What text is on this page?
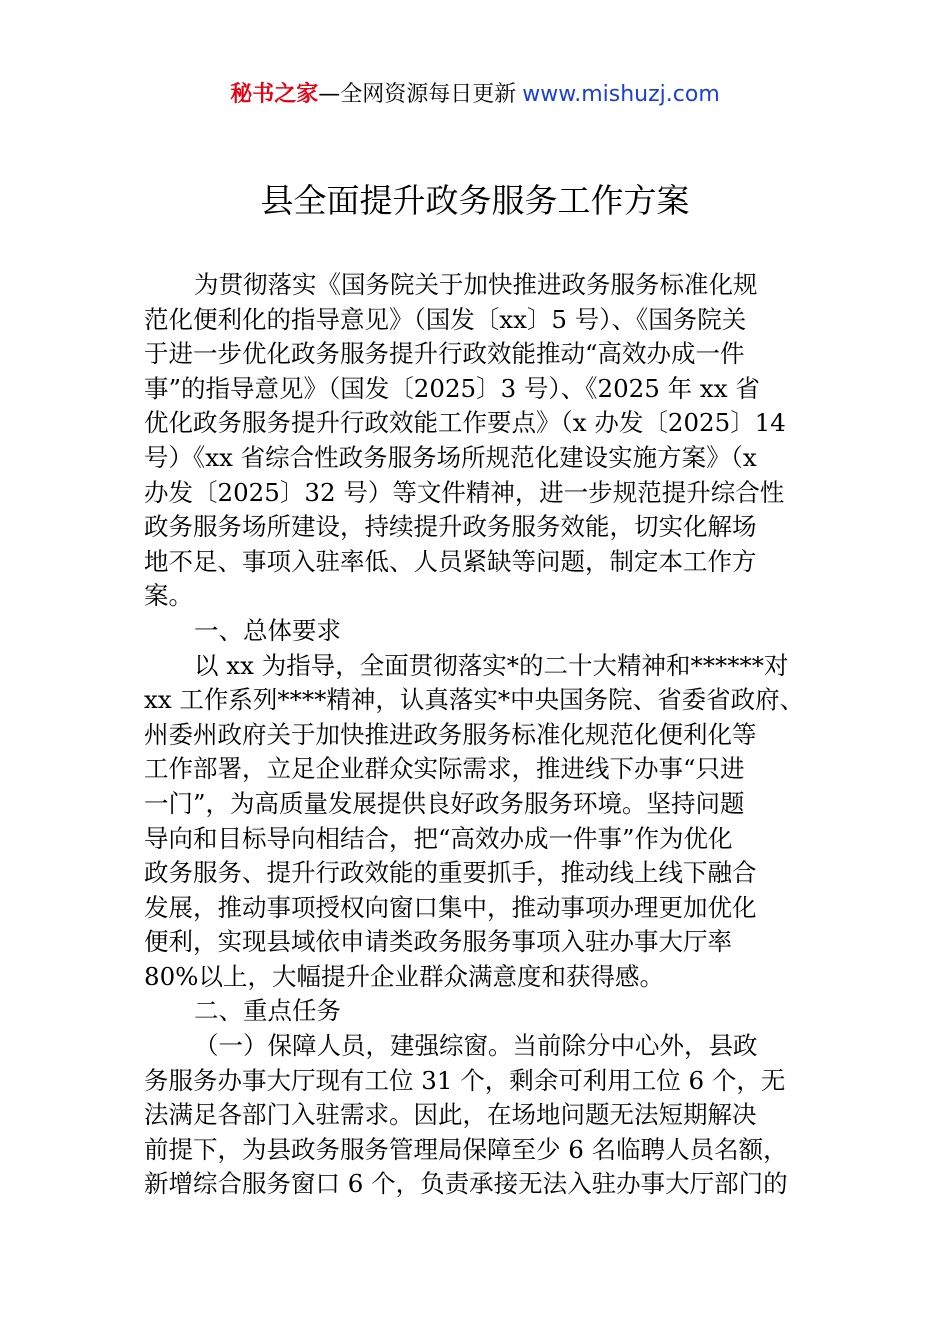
秘书之家—全网资源每日更新 www.mishuzj.com
县全面提升政务服务工作方案
为贯彻落实《国务院关于加快推进政务服务标准化规
范化便利化的指导意见》（国发〔xx〕5 号）、《国务院关
于进一步优化政务服务提升行政效能推动“高效办成一件
事”的指导意见》（国发〔2025〕3 号）、《2025 年 xx 省
优化政务服务提升行政效能工作要点》（x 办发〔2025〕14
号）《xx 省综合性政务服务场所规范化建设实施方案》（x
办发〔2025〕32 号）等文件精神，进一步规范提升综合性
政务服务场所建设，持续提升政务服务效能，切实化解场
地不足、事项入驻率低、人员紧缺等问题，制定本工作方
案。
一、总体要求
以 xx 为指导，全面贯彻落实*的二十大精神和******对
xx 工作系列****精神，认真落实*中央国务院、省委省政府、
州委州政府关于加快推进政务服务标准化规范化便利化等
工作部署，立足企业群众实际需求，推进线下办事“只进
一门”，为高质量发展提供良好政务服务环境。坚持问题
导向和目标导向相结合，把“高效办成一件事”作为优化
政务服务、提升行政效能的重要抓手，推动线上线下融合
发展，推动事项授权向窗口集中，推动事项办理更加优化
便利，实现县域依申请类政务服务事项入驻办事大厅率
80%以上，大幅提升企业群众满意度和获得感。
二、重点任务
（一）保障人员，建强综窗。当前除分中心外，县政
务服务办事大厅现有工位 31 个，剩余可利用工位 6 个，无
法满足各部门入驻需求。因此，在场地问题无法短期解决
前提下，为县政务服务管理局保障至少 6 名临聘人员名额，
新增综合服务窗口 6 个，负责承接无法入驻办事大厅部门的
